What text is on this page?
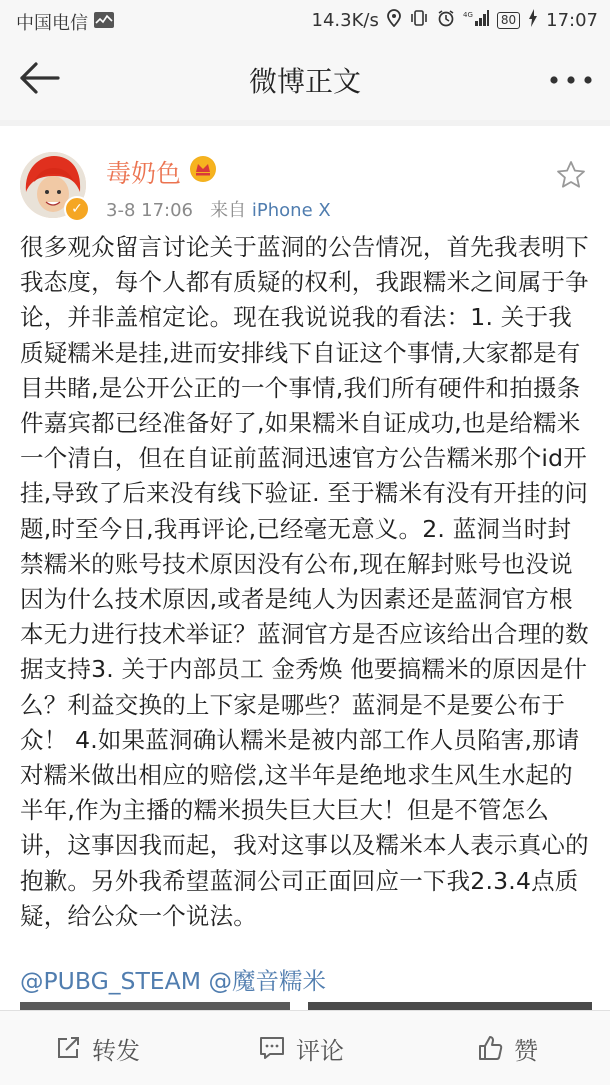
中国电信	14.3K/s	4G	80 17:07
微博正文
✓
毒奶色
3-8 17:06 来自 iPhone X
很多观众留言讨论关于蓝洞的公告情况，首先我表明下我态度，每个人都有质疑的权利，我跟糯米之间属于争论，并非盖棺定论。现在我说说我的看法：1. 关于我质疑糯米是挂,进而安排线下自证这个事情,大家都是有目共睹,是公开公正的一个事情,我们所有硬件和拍摄条件嘉宾都已经准备好了,如果糯米自证成功,也是给糯米一个清白，但在自证前蓝洞迅速官方公告糯米那个id开挂,导致了后来没有线下验证. 至于糯米有没有开挂的问题,时至今日,我再评论,已经毫无意义。2. 蓝洞当时封禁糯米的账号技术原因没有公布,现在解封账号也没说因为什么技术原因,或者是纯人为因素还是蓝洞官方根本无力进行技术举证？蓝洞官方是否应该给出合理的数据支持3. 关于内部员工 金秀焕 他要搞糯米的原因是什么？利益交换的上下家是哪些？蓝洞是不是要公布于众！ 4.如果蓝洞确认糯米是被内部工作人员陷害,那请对糯米做出相应的赔偿,这半年是绝地求生风生水起的半年,作为主播的糯米损失巨大巨大！但是不管怎么讲，这事因我而起，我对这事以及糯米本人表示真心的抱歉。另外我希望蓝洞公司正面回应一下我2.3.4点质疑，给公众一个说法。
@PUBG_STEAM @魔音糯米
转发	评论	赞
